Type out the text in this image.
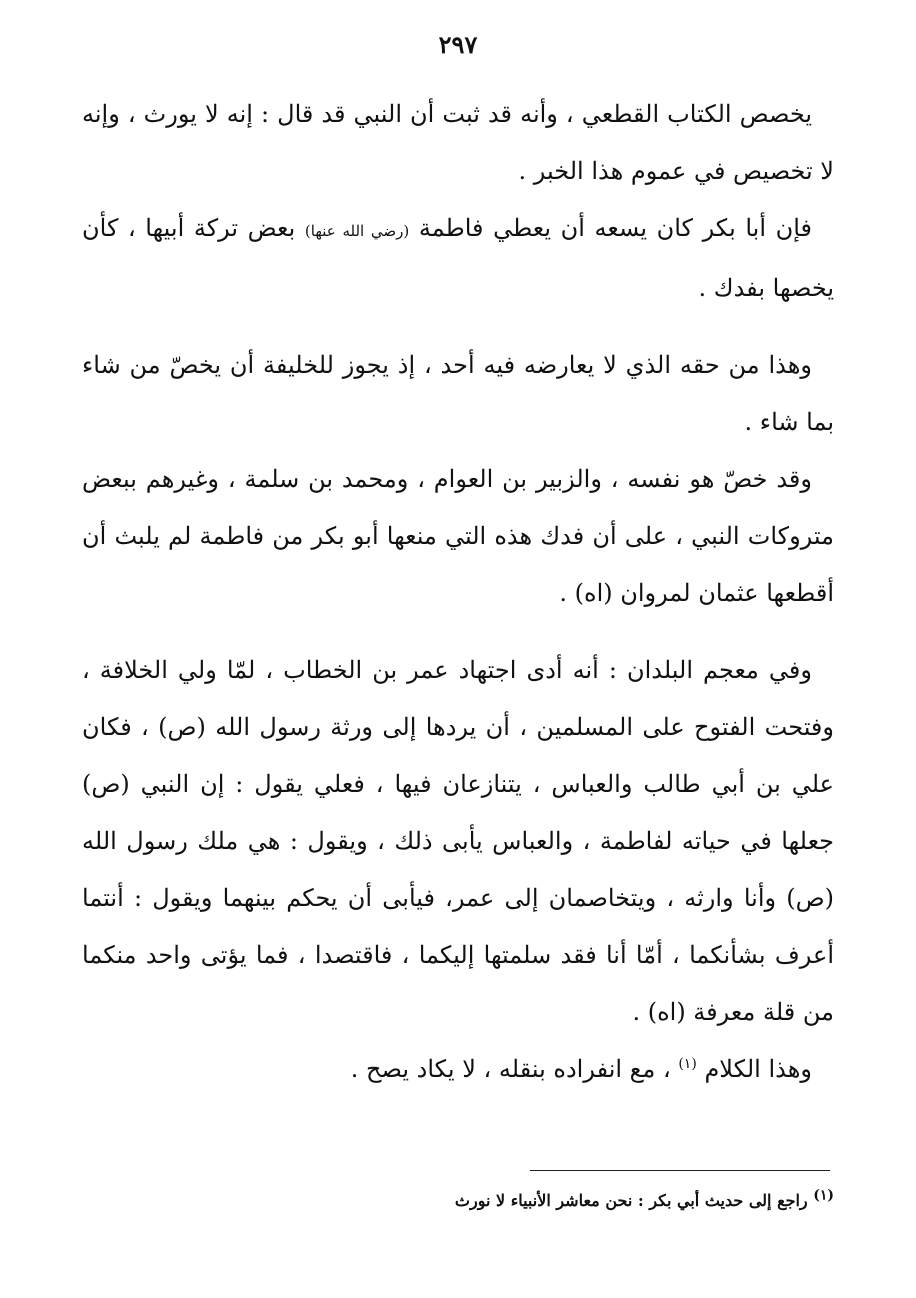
٢٩٧

يخصص الكتاب القطعي ، وأنه قد ثبت أن النبي قد قال : إنه لا يورث ، وإنه لا تخصيص في عموم هذا الخبر .

فإن أبا بكر كان يسعه أن يعطي فاطمة (رضي الله عنها) بعض تركة أبيها ، كأن يخصها بفدك .

وهذا من حقه الذي لا يعارضه فيه أحد ، إذ يجوز للخليفة أن يخصّ من شاء بما شاء .

وقد خصّ هو نفسه ، والزبير بن العوام ، ومحمد بن سلمة ، وغيرهم ببعض متروكات النبي ، على أن فدك هذه التي منعها أبو بكر من فاطمة لم يلبث أن أقطعها عثمان لمروان (اه) .

وفي معجم البلدان : أنه أدى اجتهاد عمر بن الخطاب ، لمّا ولي الخلافة ، وفتحت الفتوح على المسلمين ، أن يردها إلى ورثة رسول الله (ص) ، فكان علي بن أبي طالب والعباس ، يتنازعان فيها ، فعلي يقول : إن النبي (ص) جعلها في حياته لفاطمة ، والعباس يأبى ذلك ، ويقول : هي ملك رسول الله (ص) وأنا وارثه ، ويتخاصمان إلى عمر، فيأبى أن يحكم بينهما ويقول : أنتما أعرف بشأنكما ، أمّا أنا فقد سلمتها إليكما ، فاقتصدا ، فما يؤتى واحد منكما من قلة معرفة (اه) .

وهذا الكلام $^{(١)}$ ، مع انفراده بنقله ، لا يكاد يصح .

(١) راجع إلى حديث أبي بكر : نحن معاشر الأنبياء لا نورث
